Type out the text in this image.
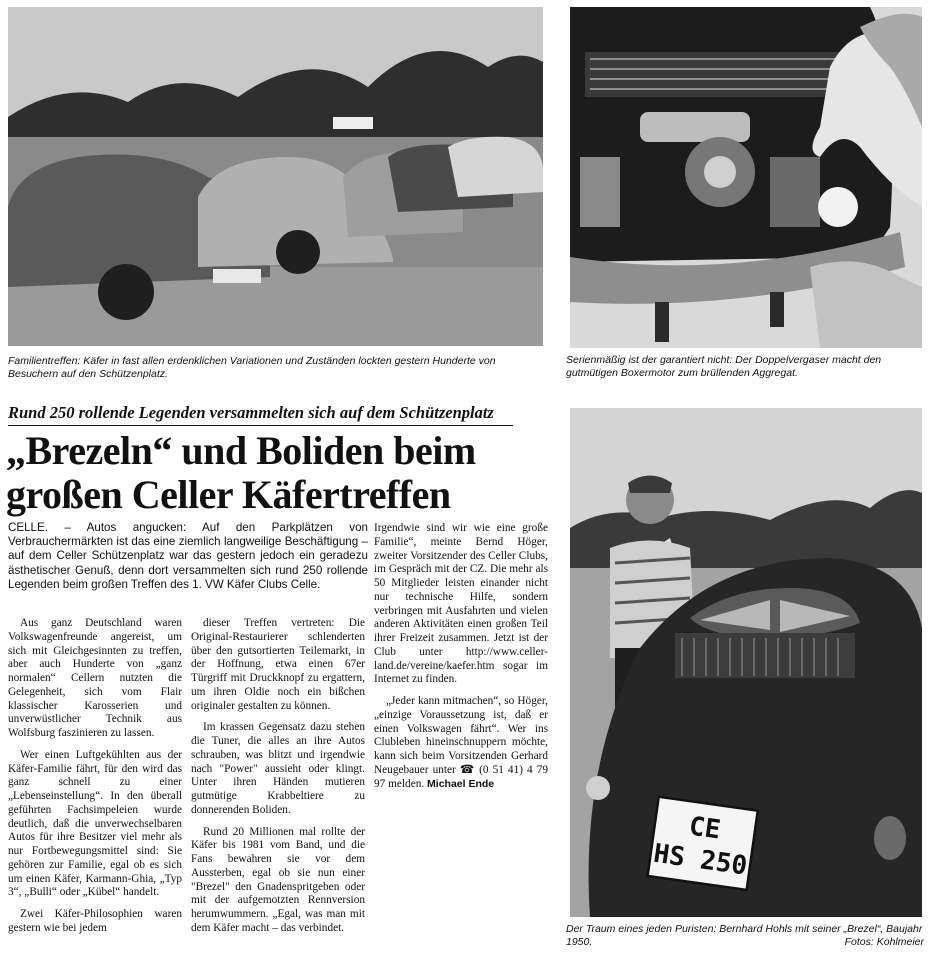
Familientreffen: Käfer in fast allen erdenklichen Variationen und Zuständen lockten gestern Hunderte von Besuchern auf den Schützenplatz.
Serienmäßig ist der garantiert nicht: Der Doppelvergaser macht den gutmütigen Boxermotor zum brüllenden Aggregat.
Rund 250 rollende Legenden versammelten sich auf dem Schützenplatz
„Brezeln“ und Boliden beim
großen Celler Käfertreffen
CELLE. – Autos angucken: Auf den Parkplätzen von Verbrauchermärkten ist das eine ziemlich langweilige Beschäftigung – auf dem Celler Schützenplatz war das gestern jedoch ein geradezu ästhetischer Genuß, denn dort versammelten sich rund 250 rollende Legenden beim großen Treffen des 1. VW Käfer Clubs Celle.

Aus ganz Deutschland waren Volkswagenfreunde angereist, um sich mit Gleichgesinnten zu treffen, aber auch Hunderte von „ganz normalen“ Cellern nutzten die Gelegenheit, sich vom Flair klassischer Karosserien und unverwüstlicher Technik aus Wolfsburg faszinieren zu lassen.

Wer einen Luftgekühlten aus der Käfer-Familie fährt, für den wird das ganz schnell zu einer „Lebenseinstellung“. In den überall geführten Fachsimpeleien wurde deutlich, daß die unverwechselbaren Autos für ihre Besitzer viel mehr als nur Fortbewegungsmittel sind: Sie gehören zur Familie, egal ob es sich um einen Käfer, Karmann-Ghia, „Typ 3“, „Bulli“ oder „Kübel“ handelt.

Zwei Käfer-Philosophien waren gestern wie bei jedem

dieser Treffen vertreten: Die Original-Restaurierer schlenderten über den gutsortierten Teilemarkt, in der Hoffnung, etwa einen 67er Türgriff mit Druckknopf zu ergattern, um ihren Oldie noch ein bißchen originaler gestalten zu können.

Im krassen Gegensatz dazu stehen die Tuner, die alles an ihre Autos schrauben, was blitzt und irgendwie nach "Power" aussieht oder klingt. Unter ihren Händen mutieren gutmütige Krabbeltiere zu donnerenden Boliden.

Rund 20 Millionen mal rollte der Käfer bis 1981 vom Band, und die Fans bewahren sie vor dem Aussterben, egal ob sie nun einer "Brezel" den Gnadenspritgeben oder mit der aufgemotzten Rennversion herumwummern. „Egal, was man mit dem Käfer macht – das verbindet.

Irgendwie sind wir wie eine große Familie“, meinte Bernd Höger, zweiter Vorsitzender des Celler Clubs, im Gespräch mit der CZ. Die mehr als 50 Mitglieder leisten einander nicht nur technische Hilfe, sondern verbringen mit Ausfahrten und vielen anderen Aktivitäten einen großen Teil ihrer Freizeit zusammen. Jetzt ist der Club unter http://www.celler-land.de/vereine/kaefer.htm sogar im Internet zu finden.

„Jeder kann mitmachen“, so Höger, „einzige Voraussetzung ist, daß er einen Volkswagen fährt“. Wer ins Clubleben hineinschnuppern möchte, kann sich beim Vorsitzenden Gerhard Neugebauer unter ☎ (0 51 41) 4 79 97 melden. Michael Ende

CE
HS 250
Der Traum eines jeden Puristen: Bernhard Hohls mit seiner „Brezel“, Baujahr 1950.	Fotos: Kohlmeier
